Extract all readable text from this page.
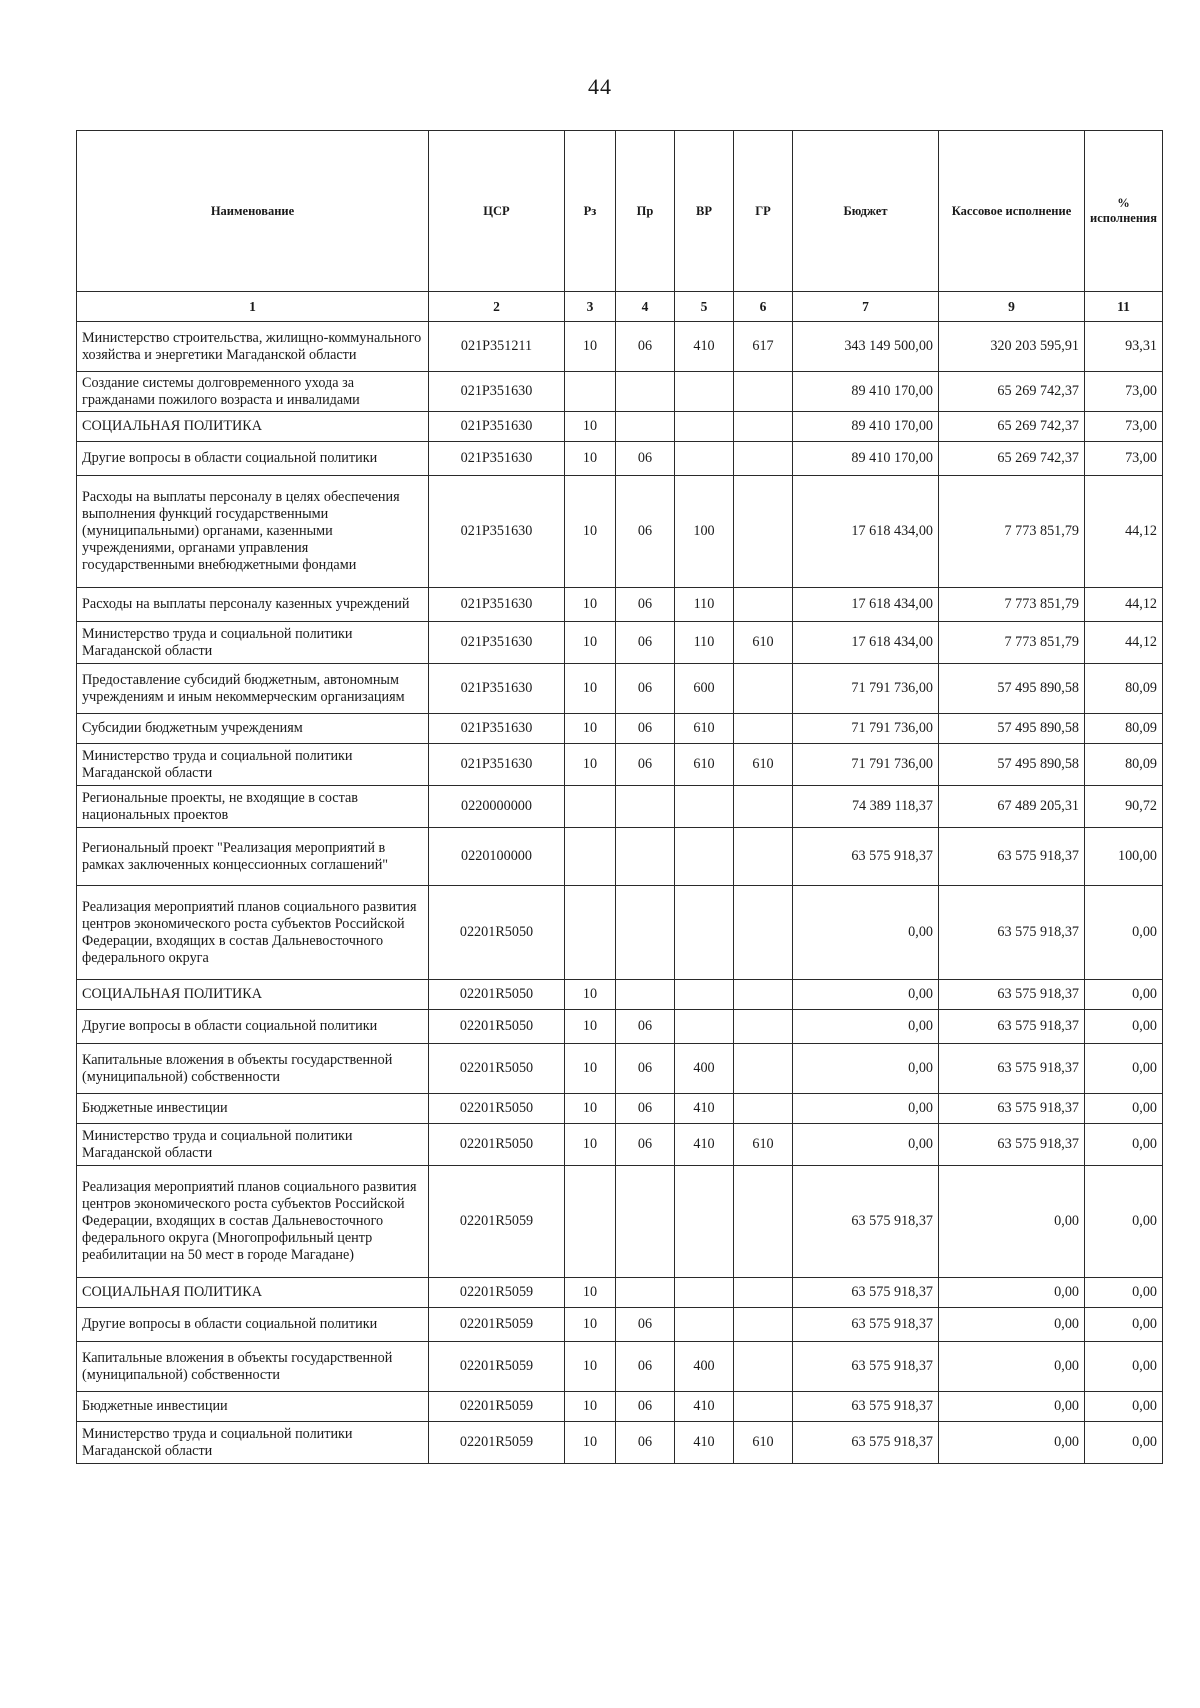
44
Наименование	ЦСР	Рз	Пр	ВР	ГР	Бюджет	Кассовое исполнение	% исполнения
1	2	3	4	5	6	7	9	11
Министерство строительства, жилищно-коммунального хозяйства и энергетики Магаданской области	021P351211	10	06	410	617	343 149 500,00	320 203 595,91	93,31
Создание системы долговременного ухода за гражданами пожилого возраста и инвалидами	021P351630					89 410 170,00	65 269 742,37	73,00
СОЦИАЛЬНАЯ ПОЛИТИКА	021P351630	10				89 410 170,00	65 269 742,37	73,00
Другие вопросы в области социальной политики	021P351630	10	06			89 410 170,00	65 269 742,37	73,00
Расходы на выплаты персоналу в целях обеспечения выполнения функций государственными (муниципальными) органами, казенными учреждениями, органами управления государственными внебюджетными фондами	021P351630	10	06	100		17 618 434,00	7 773 851,79	44,12
Расходы на выплаты персоналу казенных учреждений	021P351630	10	06	110		17 618 434,00	7 773 851,79	44,12
Министерство труда и социальной политики Магаданской области	021P351630	10	06	110	610	17 618 434,00	7 773 851,79	44,12
Предоставление субсидий бюджетным, автономным учреждениям и иным некоммерческим организациям	021P351630	10	06	600		71 791 736,00	57 495 890,58	80,09
Субсидии бюджетным учреждениям	021P351630	10	06	610		71 791 736,00	57 495 890,58	80,09
Министерство труда и социальной политики Магаданской области	021P351630	10	06	610	610	71 791 736,00	57 495 890,58	80,09
Региональные проекты, не входящие в состав национальных проектов	0220000000					74 389 118,37	67 489 205,31	90,72
Региональный проект "Реализация мероприятий в рамках заключенных концессионных соглашений"	0220100000					63 575 918,37	63 575 918,37	100,00
Реализация мероприятий планов социального развития центров экономического роста субъектов Российской Федерации, входящих в состав Дальневосточного федерального округа	02201R5050					0,00	63 575 918,37	0,00
СОЦИАЛЬНАЯ ПОЛИТИКА	02201R5050	10				0,00	63 575 918,37	0,00
Другие вопросы в области социальной политики	02201R5050	10	06			0,00	63 575 918,37	0,00
Капитальные вложения в объекты государственной (муниципальной) собственности	02201R5050	10	06	400		0,00	63 575 918,37	0,00
Бюджетные инвестиции	02201R5050	10	06	410		0,00	63 575 918,37	0,00
Министерство труда и социальной политики Магаданской области	02201R5050	10	06	410	610	0,00	63 575 918,37	0,00
Реализация мероприятий планов социального развития центров экономического роста субъектов Российской Федерации, входящих в состав Дальневосточного федерального округа (Многопрофильный центр реабилитации на 50 мест в городе Магадане)	02201R5059					63 575 918,37	0,00	0,00
СОЦИАЛЬНАЯ ПОЛИТИКА	02201R5059	10				63 575 918,37	0,00	0,00
Другие вопросы в области социальной политики	02201R5059	10	06			63 575 918,37	0,00	0,00
Капитальные вложения в объекты государственной (муниципальной) собственности	02201R5059	10	06	400		63 575 918,37	0,00	0,00
Бюджетные инвестиции	02201R5059	10	06	410		63 575 918,37	0,00	0,00
Министерство труда и социальной политики Магаданской области	02201R5059	10	06	410	610	63 575 918,37	0,00	0,00
